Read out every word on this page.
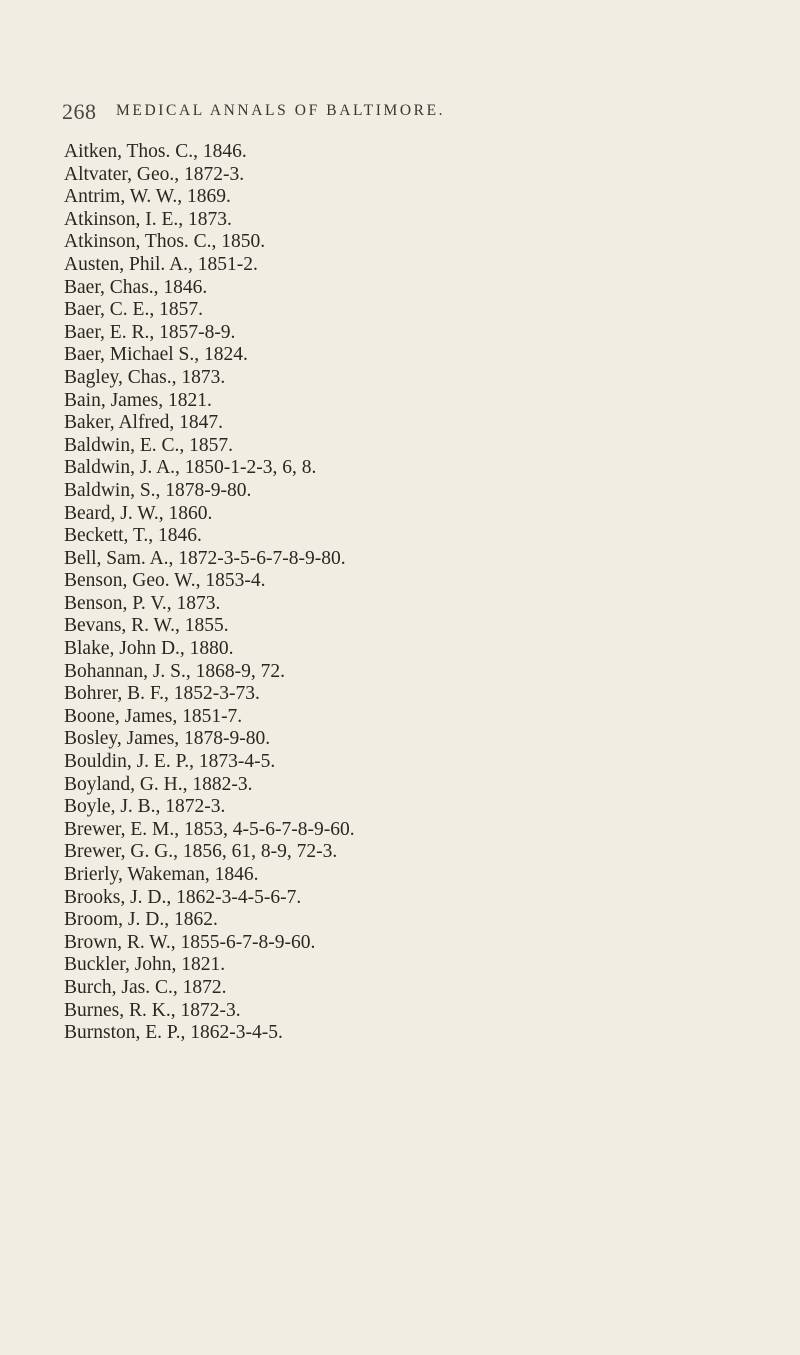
268 MEDICAL ANNALS OF BALTIMORE.
Aitken, Thos. C., 1846.
Altvater, Geo., 1872-3.
Antrim, W. W., 1869.
Atkinson, I. E., 1873.
Atkinson, Thos. C., 1850.
Austen, Phil. A., 1851-2.
Baer, Chas., 1846.
Baer, C. E., 1857.
Baer, E. R., 1857-8-9.
Baer, Michael S., 1824.
Bagley, Chas., 1873.
Bain, James, 1821.
Baker, Alfred, 1847.
Baldwin, E. C., 1857.
Baldwin, J. A., 1850-1-2-3, 6, 8.
Baldwin, S., 1878-9-80.
Beard, J. W., 1860.
Beckett, T., 1846.
Bell, Sam. A., 1872-3-5-6-7-8-9-80.
Benson, Geo. W., 1853-4.
Benson, P. V., 1873.
Bevans, R. W., 1855.
Blake, John D., 1880.
Bohannan, J. S., 1868-9, 72.
Bohrer, B. F., 1852-3-73.
Boone, James, 1851-7.
Bosley, James, 1878-9-80.
Bouldin, J. E. P., 1873-4-5.
Boyland, G. H., 1882-3.
Boyle, J. B., 1872-3.
Brewer, E. M., 1853, 4-5-6-7-8-9-60.
Brewer, G. G., 1856, 61, 8-9, 72-3.
Brierly, Wakeman, 1846.
Brooks, J. D., 1862-3-4-5-6-7.
Broom, J. D., 1862.
Brown, R. W., 1855-6-7-8-9-60.
Buckler, John, 1821.
Burch, Jas. C., 1872.
Burnes, R. K., 1872-3.
Burnston, E. P., 1862-3-4-5.
